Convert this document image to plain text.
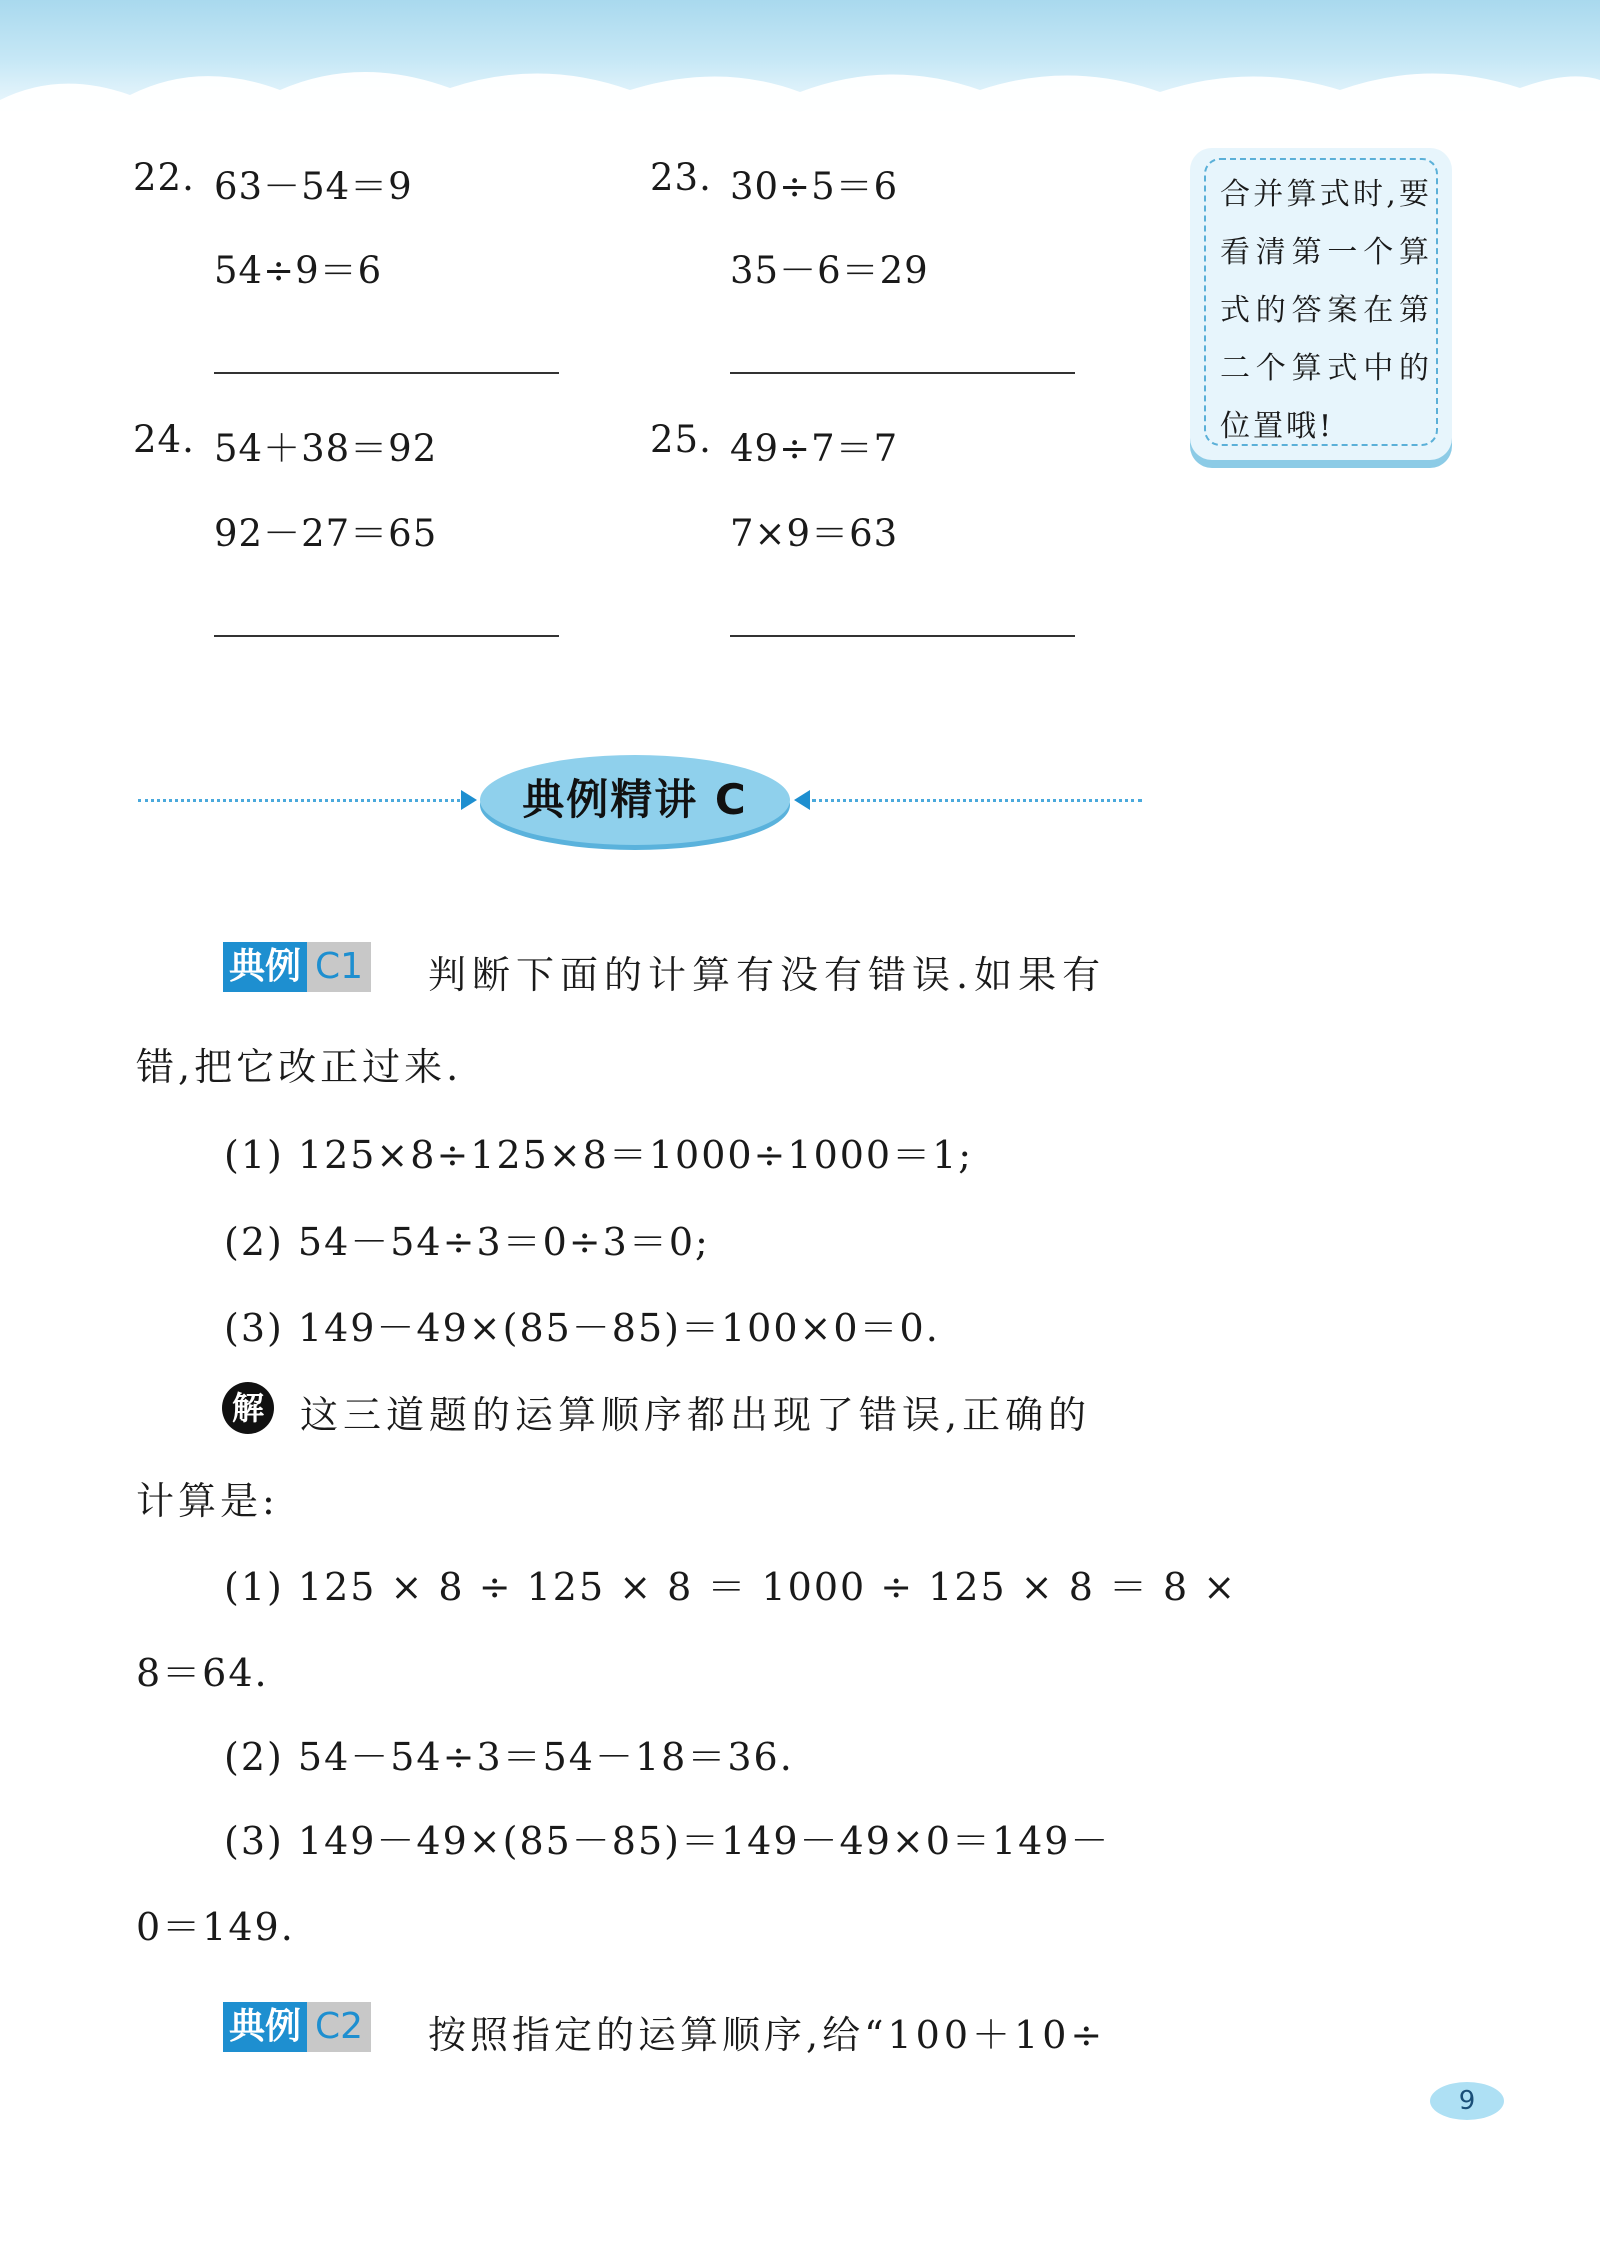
22. 63－54＝9
54÷9＝6
23. 30÷5＝6
35－6＝29
24. 54＋38＝92
92－27＝65
25. 49÷7＝7
7×9＝63
合并算式时,要看清第一个算式的答案在第二个算式中的位置哦!
典例精讲 C
典例 C1 判断下面的计算有没有错误.如果有
错,把它改正过来.
(1) 125×8÷125×8＝1000÷1000＝1;
(2) 54－54÷3＝0÷3＝0;
(3) 149－49×(85－85)＝100×0＝0.
解 这三道题的运算顺序都出现了错误,正确的
计算是:
(1) 125 × 8 ÷ 125 × 8 ＝ 1000 ÷ 125 × 8 ＝ 8 ×
8＝64.
(2) 54－54÷3＝54－18＝36.
(3) 149－49×(85－85)＝149－49×0＝149－
0＝149.
典例 C2 按照指定的运算顺序,给“100＋10÷
9
